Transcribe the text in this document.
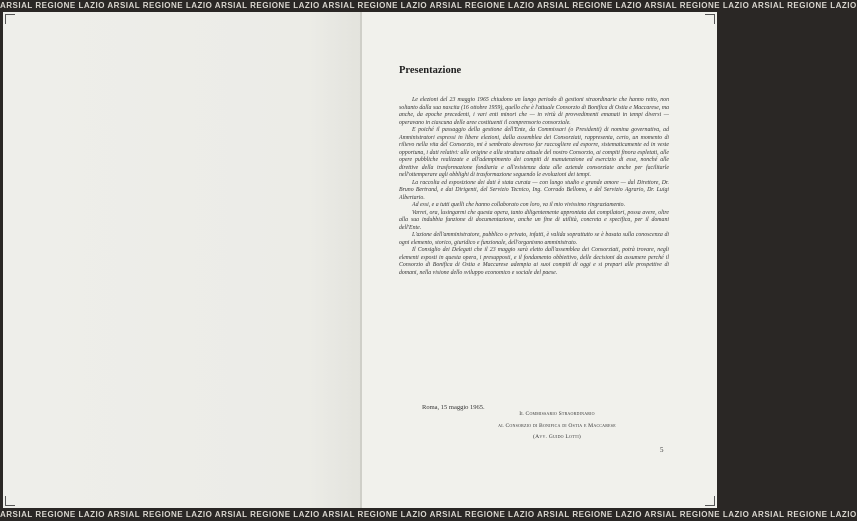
ARSIAL REGIONE LAZIO ARSIAL REGIONE LAZIO ARSIAL REGIONE LAZIO ARSIAL REGIONE LAZIO ARSIAL REGIONE LAZIO ARSIAL REGIONE LAZIO ARSIAL REGIONE LAZIO ARSIAL REGIONE LAZIO
Presentazione

Le elezioni del 23 maggio 1965 chiudono un lungo periodo di gestioni straordinarie che hanno retto, non soltanto dalla sua nascita (16 ottobre 1959), quello che è l'attuale Consorzio di Bonifica di Ostia e Maccarese, ma anche, da epoche precedenti, i vari enti minori che — in virtù di provvedimenti emanati in tempi diversi — operavano in ciascuna delle aree costituenti il comprensorio consorziale.

E poiché il passaggio della gestione dell'Ente, da Commissari (o Presidenti) di nomina governativa, ad Amministratori espressi in libere elezioni, dalla assemblea dei Consorziati, rappresenta, certo, un momento di rilievo nella vita del Consorzio, mi è sembrato doveroso far raccogliere ed esporre, sistematicamente ed in veste opportuna, i dati relativi: alle origine e alla struttura attuale del nostro Consorzio, ai compiti finora espletati, alle opere pubbliche realizzate e all'adempimento dei compiti di manutenzione ed esercizio di esse, nonché alle direttive della trasformazione fondiaria e all'esistenza data alle aziende consorziate anche per facilitarle nell'ottemperare agli obblighi di trasformazione seguendo le evoluzioni dei tempi.

La raccolta ed esposizione dei dati è stata curata — con lungo studio e grande amore — dal Direttore, Dr. Bruno Bertrand, e dai Dirigenti, del Servizio Tecnico, Ing. Corrado Bellomo, e del Servizio Agrario, Dr. Luigi Albertario.

Ad essi, e a tutti quelli che hanno collaborato con loro, va il mio vivissimo ringraziamento.

Varrei, ora, lusingarmi che questa opera, tanto diligentemente approntata dai compilatori, possa avere, oltre alla sua indubbia funzione di documentazione, anche un fine di utilità, concreta e specifica, per il domani dell'Ente.

L'azione dell'amministratore, pubblico o privato, infatti, è valida soprattutto se è basata sulla conoscenza di ogni elemento, storico, giuridico e funzionale, dell'organismo amministrato.

Il Consiglio dei Delegati che il 23 maggio sarà eletto dall'assemblea dei Consorziati, potrà trovare, negli elementi esposti in questa opera, i presupposti, e il fondamento obbiettivo, delle decisioni da assumere perché il Consorzio di Bonifica di Ostia e Maccarese adempia ai suoi compiti di oggi e si prepari alle prospettive di domani, nella visione dello sviluppo economico e sociale del paese.

Roma, 15 maggio 1965.
Il Commissario Straordinario
al Consorzio di Bonifica di Ostia e Maccarese
(Avv. Guido Lotti)
5
ARSIAL REGIONE LAZIO ARSIAL REGIONE LAZIO ARSIAL REGIONE LAZIO ARSIAL REGIONE LAZIO ARSIAL REGIONE LAZIO ARSIAL REGIONE LAZIO ARSIAL REGIONE LAZIO ARSIAL REGIONE LAZIO
